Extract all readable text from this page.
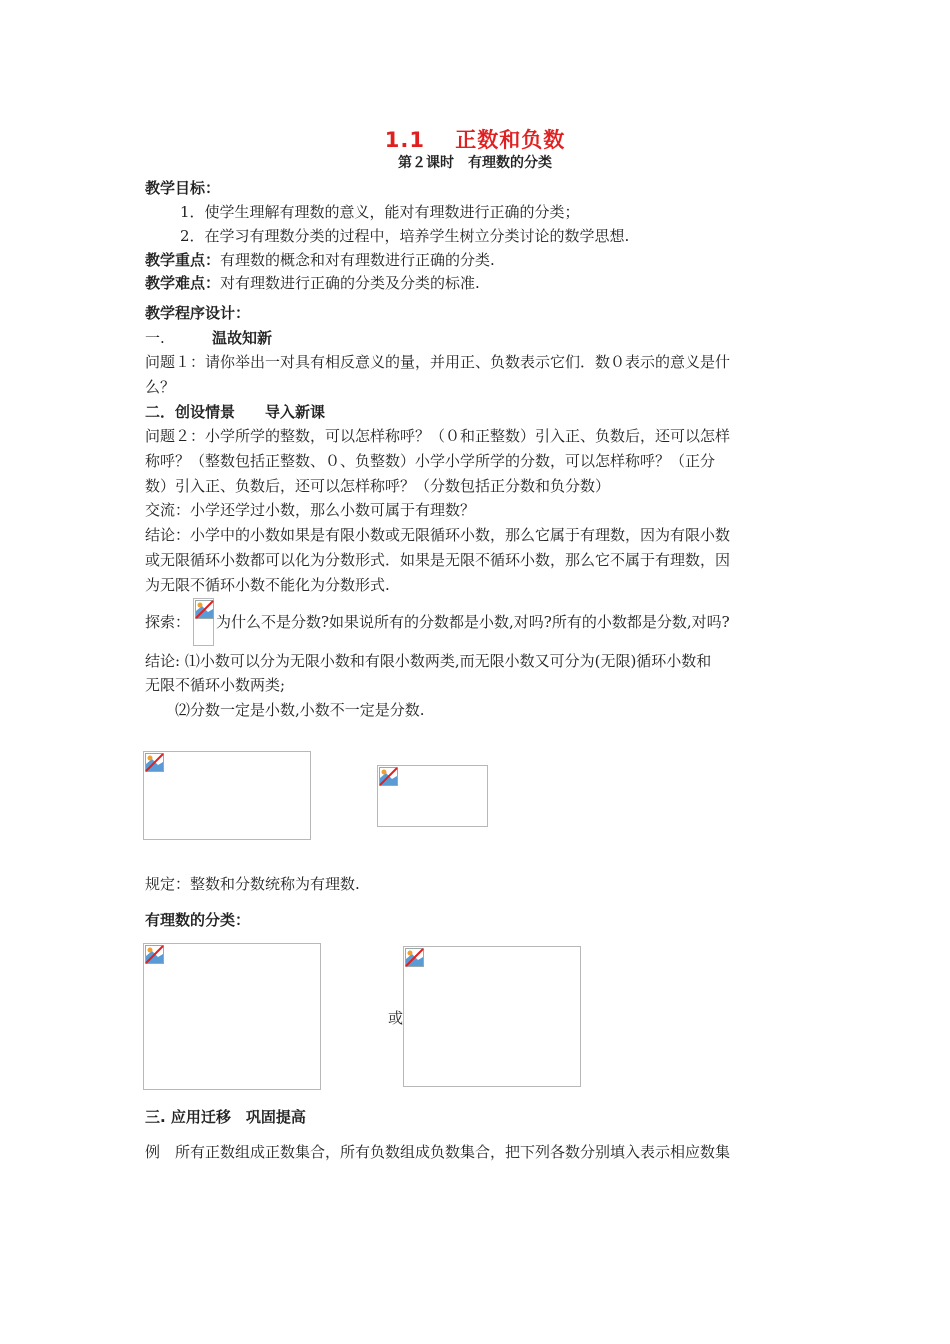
1.1　 正数和负数
第２课时　有理数的分类
教学目标：
1．使学生理解有理数的意义，能对有理数进行正确的分类；
2．在学习有理数分类的过程中，培养学生树立分类讨论的数学思想.
教学重点：有理数的概念和对有理数进行正确的分类.
教学难点：对有理数进行正确的分类及分类的标准.
教学程序设计：
一.	温故知新
问题１：请你举出一对具有相反意义的量，并用正、负数表示它们．数０表示的意义是什
么？
二．创设情景　　导入新课
问题２：小学所学的整数，可以怎样称呼？（０和正整数）引入正、负数后，还可以怎样
称呼？（整数包括正整数、０、负整数）小学小学所学的分数，可以怎样称呼？（正分
数）引入正、负数后，还可以怎样称呼？（分数包括正分数和负分数）
交流：小学还学过小数，那么小数可属于有理数？
结论：小学中的小数如果是有限小数或无限循环小数，那么它属于有理数，因为有限小数
或无限循环小数都可以化为分数形式．如果是无限不循环小数，那么它不属于有理数，因
为无限不循环小数不能化为分数形式.
探索： 为什么不是分数?如果说所有的分数都是小数,对吗?所有的小数都是分数,对吗?
结论: ⑴小数可以分为无限小数和有限小数两类,而无限小数又可分为(无限)循环小数和
无限不循环小数两类;
⑵分数一定是小数,小数不一定是分数.
规定：整数和分数统称为有理数.
有理数的分类：
或
三. 应用迁移　巩固提高
例　所有正数组成正数集合，所有负数组成负数集合，把下列各数分别填入表示相应数集
